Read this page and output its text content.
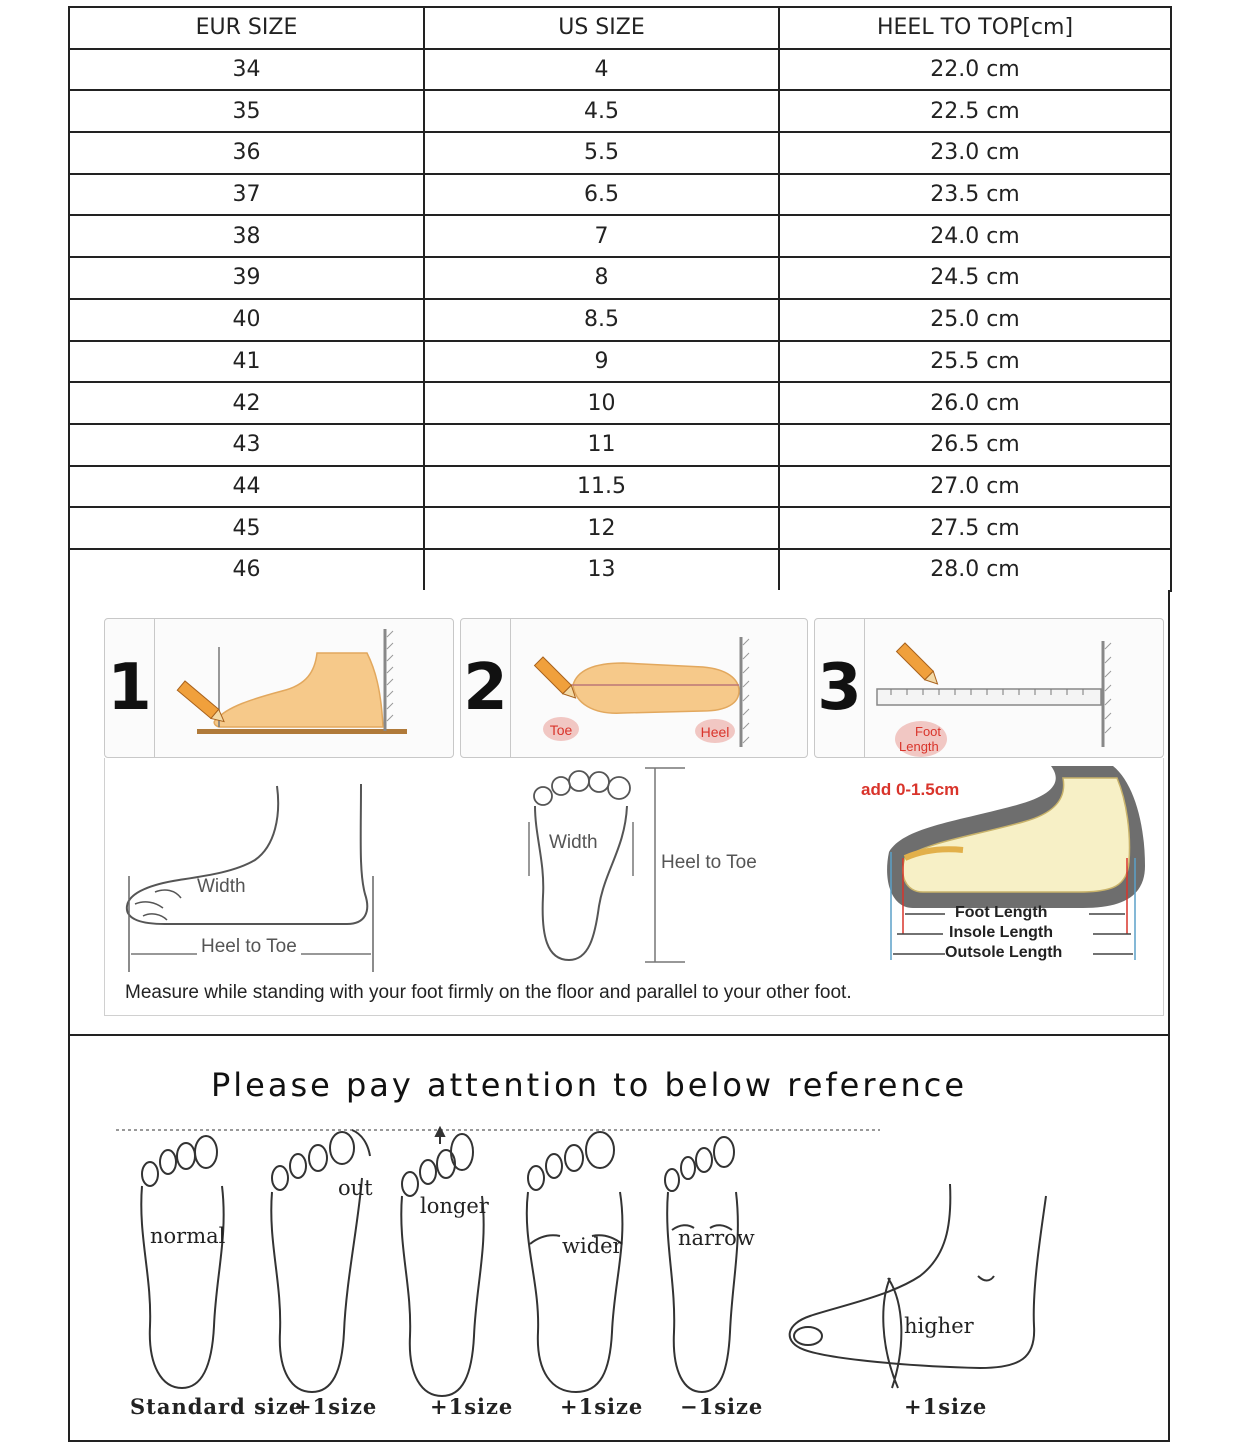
EUR SIZE	US SIZE	HEEL TO TOP[cm]
34	4	22.0 cm
35	4.5	22.5 cm
36	5.5	23.0 cm
37	6.5	23.5 cm
38	7	24.0 cm
39	8	24.5 cm
40	8.5	25.0 cm
41	9	25.5 cm
42	10	26.0 cm
43	11	26.5 cm
44	11.5	27.0 cm
45	12	27.5 cm
46	13	28.0 cm
1	2
Toe	Heel
3
Foot
Length
Width
Heel to Toe
Width
Heel to Toe
add 0-1.5cm
Foot Length
Insole Length
Outsole Length
Measure while standing with your foot firmly on the floor and parallel to your other foot.
Please pay attention to below reference
normal
out
longer
wider	narrow
higher
Standard size
+1size	+1size +1size −1size	+1size
